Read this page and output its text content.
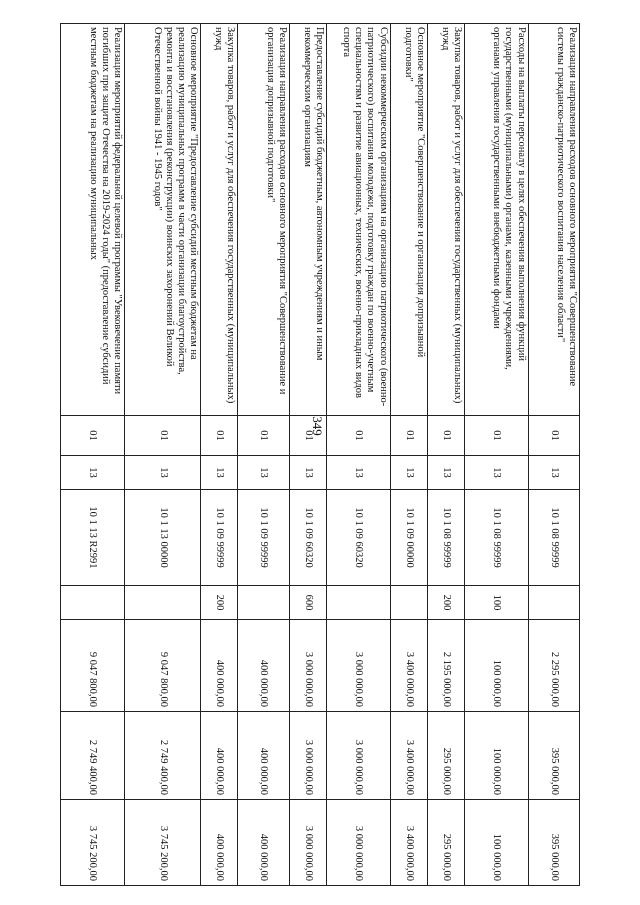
349
Реализация направления расходов основного мероприятия "Совершенствование системы гражданско-патриотического воспитания населения области"	01	13	10 1 08 99999		2 295 000,00	395 000,00	395 000,00
Расходы на выплаты персоналу в целях обеспечения выполнения функций государственными (муниципальными) органами, казенными учреждениями, органами управления государственными внебюджетными фондами	01	13	10 1 08 99999	100	100 000,00	100 000,00	100 000,00
Закупка товаров, работ и услуг для обеспечения государственных (муниципальных) нужд	01	13	10 1 08 99999	200	2 195 000,00	295 000,00	295 000,00
Основное мероприятие "Совершенствование и организация допризывной подготовки"	01	13	10 1 09 00000		3 400 000,00	3 400 000,00	3 400 000,00
Субсидии некоммерческим организациям на организацию патриотического (военно-патриотического) воспитания молодежи, подготовку граждан по военно-учетным специальностям и развитие авиационных, технических, военно-прикладных видов спорта	01	13	10 1 09 60320		3 000 000,00	3 000 000,00	3 000 000,00
Предоставление субсидий бюджетным, автономным учреждениям и иным некоммерческим организациям	01	13	10 1 09 60320	600	3 000 000,00	3 000 000,00	3 000 000,00
Реализация направления расходов основного мероприятия "Совершенствование и организация допризывной подготовки"	01	13	10 1 09 99999		400 000,00	400 000,00	400 000,00
Закупка товаров, работ и услуг для обеспечения государственных (муниципальных) нужд	01	13	10 1 09 99999	200	400 000,00	400 000,00	400 000,00
Основное мероприятие "Предоставление субсидий местным бюджетам на реализацию муниципальных программ в части организации благоустройства, ремонта и восстановления (реконструкции) воинских захоронений Великой Отечественной войны 1941 - 1945 годов"	01	13	10 1 13 00000		9 047 800,00	2 749 400,00	3 745 200,00
Реализация мероприятий федеральной целевой программы "Увековечение памяти погибших при защите Отечества на 2019-2024 годы" (предоставление субсидий местным бюджетам на реализацию муниципальных	01	13	10 1 13 R2991		9 047 800,00	2 749 400,00	3 745 200,00
